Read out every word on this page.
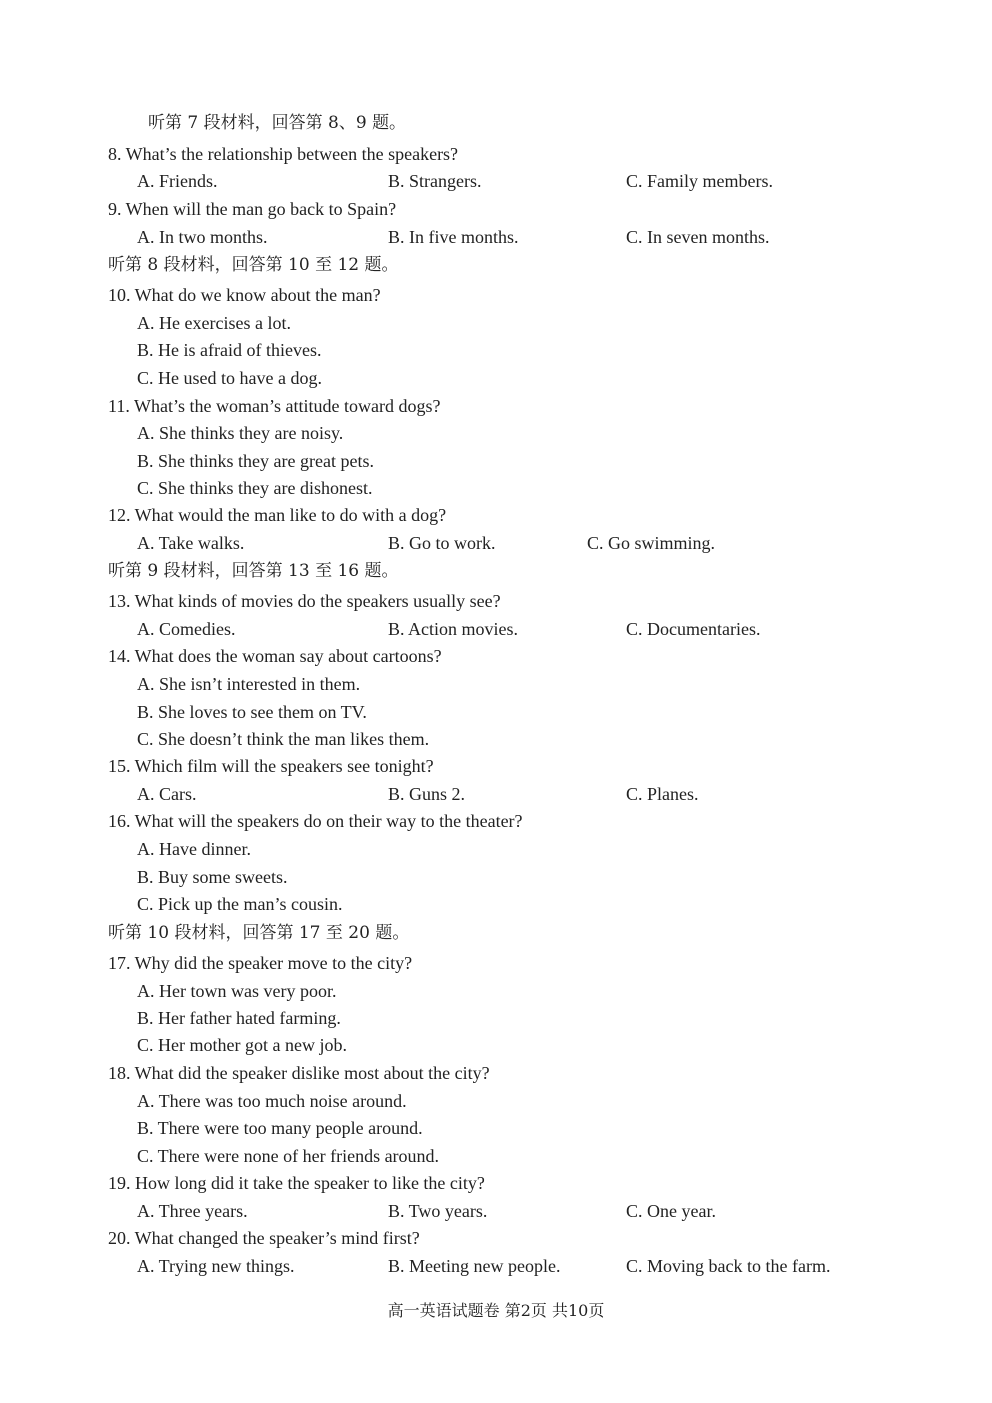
听第 7 段材料，回答第 8、9 题。
8. What’s the relationship between the speakers?
A. Friends.	B. Strangers.	C. Family members.
9. When will the man go back to Spain?
A. In two months.	B. In five months.	C. In seven months.
听第 8 段材料，回答第 10 至 12 题。
10. What do we know about the man?
A. He exercises a lot.
B. He is afraid of thieves.
C. He used to have a dog.
11. What’s the woman’s attitude toward dogs?
A. She thinks they are noisy.
B. She thinks they are great pets.
C. She thinks they are dishonest.
12. What would the man like to do with a dog?
A. Take walks.	B. Go to work.	C. Go swimming.
听第 9 段材料，回答第 13 至 16 题。
13. What kinds of movies do the speakers usually see?
A. Comedies.	B. Action movies.	C. Documentaries.
14. What does the woman say about cartoons?
A. She isn’t interested in them.
B. She loves to see them on TV.
C. She doesn’t think the man likes them.
15. Which film will the speakers see tonight?
A. Cars.	B. Guns 2.	C. Planes.
16. What will the speakers do on their way to the theater?
A. Have dinner.
B. Buy some sweets.
C. Pick up the man’s cousin.
听第 10 段材料，回答第 17 至 20 题。
17. Why did the speaker move to the city?
A. Her town was very poor.
B. Her father hated farming.
C. Her mother got a new job.
18. What did the speaker dislike most about the city?
A. There was too much noise around.
B. There were too many people around.
C. There were none of her friends around.
19. How long did it take the speaker to like the city?
A. Three years.	B. Two years.	C. One year.
20. What changed the speaker’s mind first?
A. Trying new things.	B. Meeting new people.	C. Moving back to the farm.
高一英语试题卷 第2页 共10页
